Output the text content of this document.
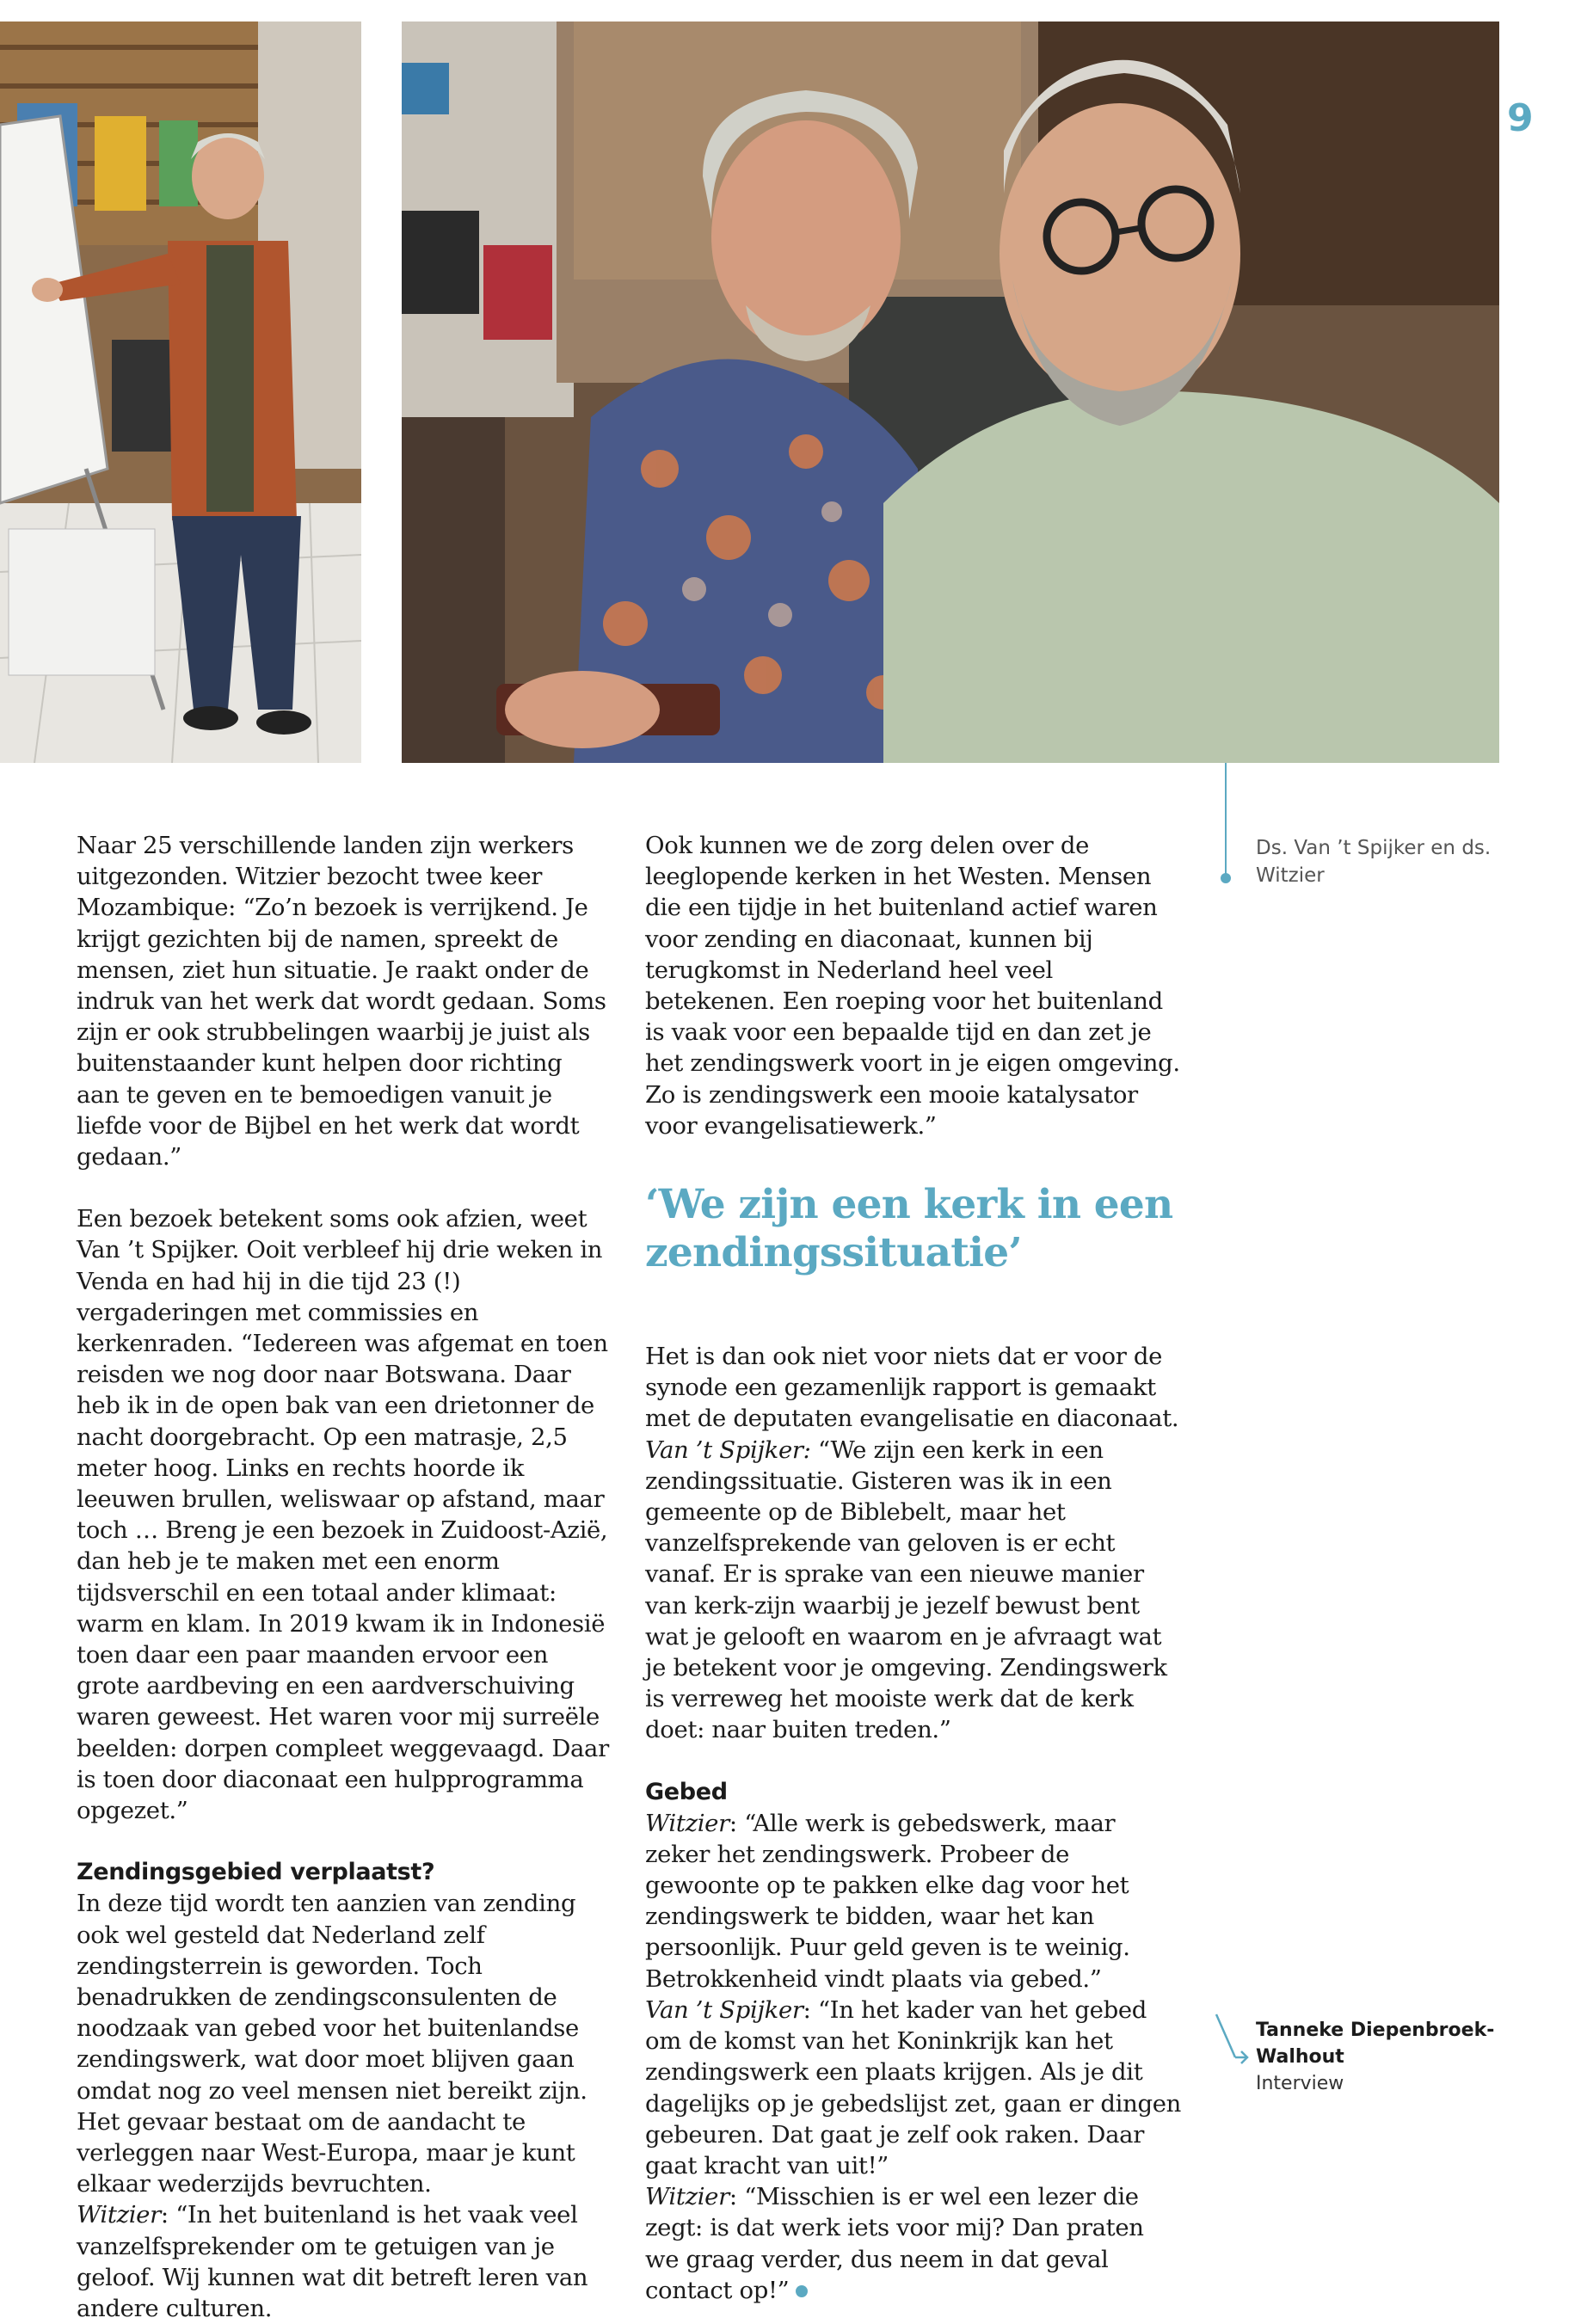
9
Ds. Van ’t Spijker en ds. Witzier

Naar 25 verschillende landen zijn werkers uitgezonden. Witzier bezocht twee keer Mozambique: “Zo’n bezoek is verrijkend. Je krijgt gezichten bij de namen, spreekt de mensen, ziet hun situatie. Je raakt onder de indruk van het werk dat wordt gedaan. Soms zijn er ook strubbelingen waarbij je juist als buitenstaander kunt helpen door richting aan te geven en te bemoedigen vanuit je liefde voor de Bijbel en het werk dat wordt gedaan.”

Een bezoek betekent soms ook afzien, weet Van ’t Spijker. Ooit verbleef hij drie weken in Venda en had hij in die tijd 23 (!) vergaderingen met commissies en kerkenraden. “Iedereen was afgemat en toen reisden we nog door naar Botswana. Daar heb ik in de open bak van een drietonner de nacht doorgebracht. Op een matrasje, 2,5 meter hoog. Links en rechts hoorde ik leeuwen brullen, weliswaar op afstand, maar toch … Breng je een bezoek in Zuidoost-Azië, dan heb je te maken met een enorm tijdsverschil en een totaal ander klimaat: warm en klam. In 2019 kwam ik in Indonesië toen daar een paar maanden ervoor een grote aardbeving en een aardverschuiving waren geweest. Het waren voor mij surreële beelden: dorpen compleet weggevaagd. Daar is toen door diaconaat een hulpprogramma opgezet.”

Zendingsgebied verplaatst?

In deze tijd wordt ten aanzien van zending ook wel gesteld dat Nederland zelf zendingsterrein is geworden. Toch benadrukken de zendingsconsulenten de noodzaak van gebed voor het buitenlandse zendingswerk, wat door moet blijven gaan omdat nog zo veel mensen niet bereikt zijn. Het gevaar bestaat om de aandacht te verleggen naar West-Europa, maar je kunt elkaar wederzijds bevruchten.

Witzier: “In het buitenland is het vaak veel vanzelfsprekender om te getuigen van je geloof. Wij kunnen wat dit betreft leren van andere culturen.

Ook kunnen we de zorg delen over de leeglopende kerken in het Westen. Mensen die een tijdje in het buitenland actief waren voor zending en diaconaat, kunnen bij terugkomst in Nederland heel veel betekenen. Een roeping voor het buitenland is vaak voor een bepaalde tijd en dan zet je het zendingswerk voort in je eigen omgeving. Zo is zendingswerk een mooie katalysator voor evangelisatiewerk.”

‘We zijn een kerk in een zendingssituatie’

Het is dan ook niet voor niets dat er voor de synode een gezamenlijk rapport is gemaakt met de deputaten evangelisatie en diaconaat.

Van ’t Spijker: “We zijn een kerk in een zendingssituatie. Gisteren was ik in een gemeente op de Biblebelt, maar het vanzelfsprekende van geloven is er echt vanaf. Er is sprake van een nieuwe manier van kerk-zijn waarbij je jezelf bewust bent wat je gelooft en waarom en je afvraagt wat je betekent voor je omgeving. Zendingswerk is verreweg het mooiste werk dat de kerk doet: naar buiten treden.”

Gebed

Witzier: “Alle werk is gebedswerk, maar zeker het zendingswerk. Probeer de gewoonte op te pakken elke dag voor het zendingswerk te bidden, waar het kan persoonlijk. Puur geld geven is te weinig. Betrokkenheid vindt plaats via gebed.”

Van ’t Spijker: “In het kader van het gebed om de komst van het Koninkrijk kan het zendingswerk een plaats krijgen. Als je dit dagelijks op je gebedslijst zet, gaan er dingen gebeuren. Dat gaat je zelf ook raken. Daar gaat kracht van uit!”

Witzier: “Misschien is er wel een lezer die zegt: is dat werk iets voor mij? Dan praten we graag verder, dus neem in dat geval contact op!”

Tanneke Diepenbroek-
Walhout
Interview
